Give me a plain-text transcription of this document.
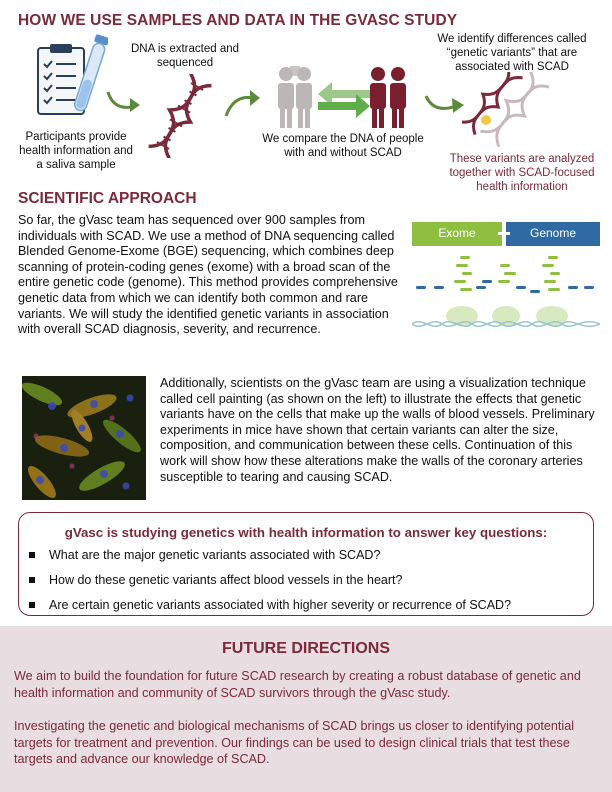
HOW WE USE SAMPLES AND DATA IN THE GVASC STUDY
Participants provide health information and a saliva sample
DNA is extracted and sequenced
We compare the DNA of people with and without SCAD
We identify differences called “genetic variants” that are associated with SCAD
These variants are analyzed together with SCAD-focused health information
SCIENTIFIC APPROACH
So far, the gVasc team has sequenced over 900 samples from individuals with SCAD. We use a method of DNA sequencing called Blended Genome-Exome (BGE) sequencing, which combines deep scanning of protein-coding genes (exome) with a broad scan of the entire genetic code (genome). This method provides comprehensive genetic data from which we can identify both common and rare variants. We will study the identified genetic variants in association with overall SCAD diagnosis, severity, and recurrence.
Exome	Genome
Additionally, scientists on the gVasc team are using a visualization technique called cell painting (as shown on the left) to illustrate the effects that genetic variants have on the cells that make up the walls of blood vessels. Preliminary experiments in mice have shown that certain variants can alter the size, composition, and communication between these cells. Continuation of this work will show how these alterations make the walls of the coronary arteries susceptible to tearing and causing SCAD.
gVasc is studying genetics with health information to answer key questions:
What are the major genetic variants associated with SCAD?
How do these genetic variants affect blood vessels in the heart?
Are certain genetic variants associated with higher severity or recurrence of SCAD?
FUTURE DIRECTIONS
We aim to build the foundation for future SCAD research by creating a robust database of genetic and health information and community of SCAD survivors through the gVasc study.
Investigating the genetic and biological mechanisms of SCAD brings us closer to identifying potential targets for treatment and prevention. Our findings can be used to design clinical trials that test these targets and advance our knowledge of SCAD.
